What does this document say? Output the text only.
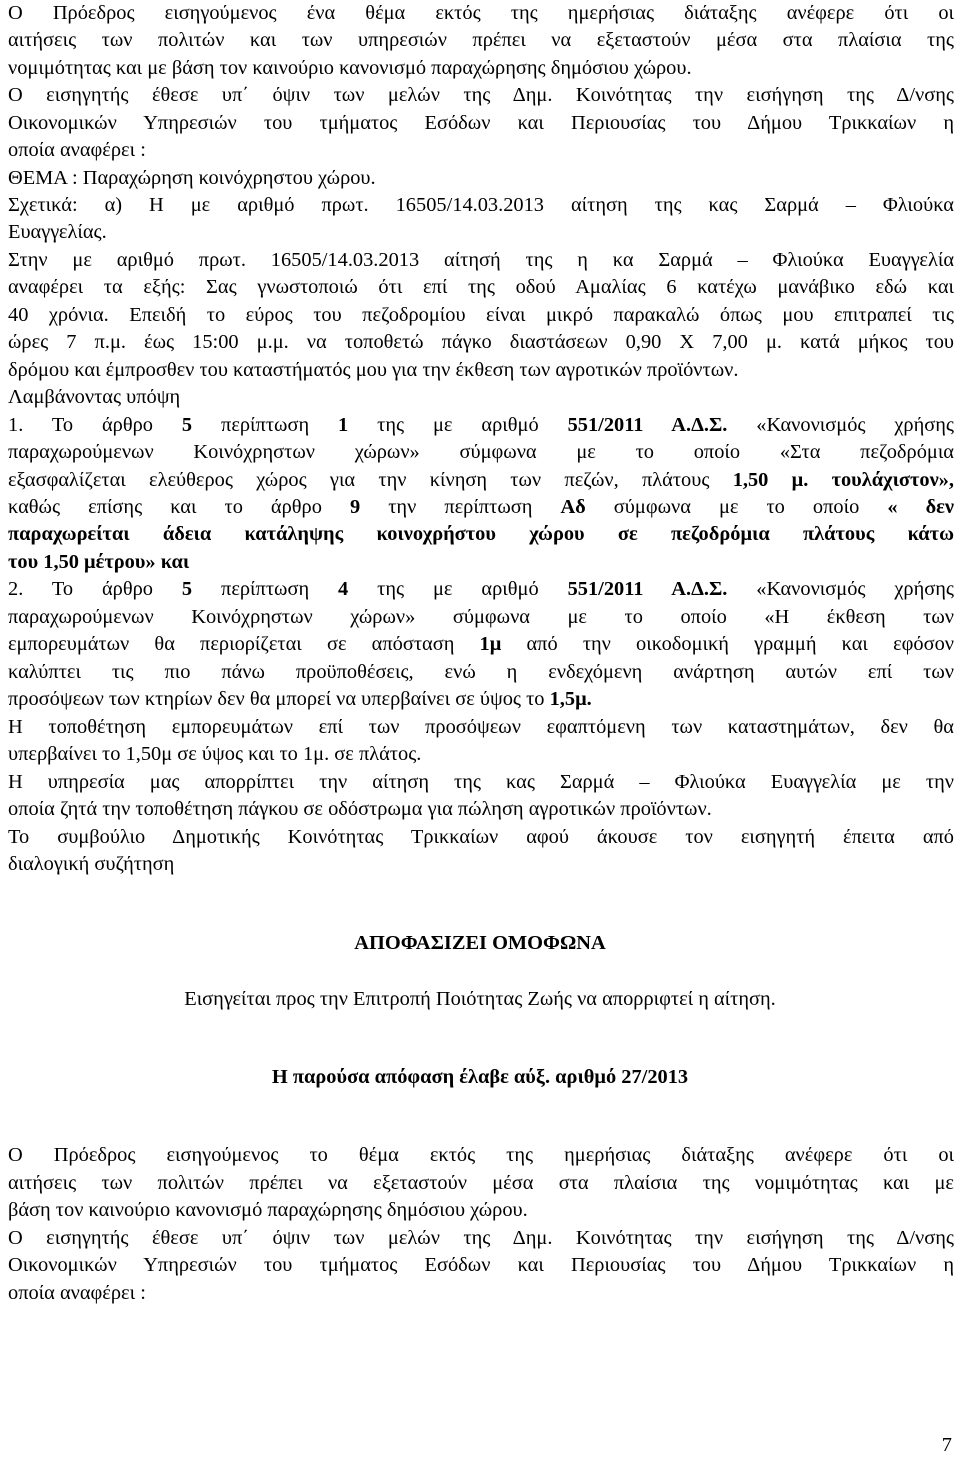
Ο Πρόεδρος εισηγούμενος ένα θέμα εκτός της ημερήσιας διάταξης ανέφερε ότι οι
αιτήσεις των πολιτών και των υπηρεσιών πρέπει να εξεταστούν μέσα στα πλαίσια της
νομιμότητας και με βάση τον καινούριο κανονισμό παραχώρησης δημόσιου χώρου.
Ο εισηγητής έθεσε υπ΄ όψιν των μελών της Δημ. Κοινότητας την εισήγηση της Δ/νσης
Οικονομικών Υπηρεσιών του τμήματος Εσόδων και Περιουσίας του Δήμου Τρικκαίων η
οποία αναφέρει :
ΘΕΜΑ : Παραχώρηση κοινόχρηστου χώρου.
Σχετικά: α) Η με αριθμό πρωτ. 16505/14.03.2013 αίτηση της κας Σαρμά – Φλιούκα
Ευαγγελίας.
Στην με αριθμό πρωτ. 16505/14.03.2013 αίτησή της η κα Σαρμά – Φλιούκα Ευαγγελία
αναφέρει τα εξής: Σας γνωστοποιώ ότι επί της οδού Αμαλίας 6 κατέχω μανάβικο εδώ και
40 χρόνια. Επειδή το εύρος του πεζοδρομίου είναι μικρό παρακαλώ όπως μου επιτραπεί τις
ώρες 7 π.μ. έως 15:00 μ.μ. να τοποθετώ πάγκο διαστάσεων 0,90 Χ 7,00 μ. κατά μήκος του
δρόμου και έμπροσθεν του καταστήματός μου για την έκθεση των αγροτικών προϊόντων.
Λαμβάνοντας υπόψη
1. Το άρθρο 5 περίπτωση 1 της με αριθμό 551/2011 Α.Δ.Σ. «Κανονισμός χρήσης
παραχωρούμενων Κοινόχρηστων χώρων» σύμφωνα με το οποίο «Στα πεζοδρόμια
εξασφαλίζεται ελεύθερος χώρος για την κίνηση των πεζών, πλάτους 1,50 μ. τουλάχιστον»,
καθώς επίσης και το άρθρο 9 την περίπτωση Αδ σύμφωνα με το οποίο « δεν
παραχωρείται άδεια κατάληψης κοινοχρήστου χώρου σε πεζοδρόμια πλάτους κάτω
του 1,50 μέτρου» και
2. Το άρθρο 5 περίπτωση 4 της με αριθμό 551/2011 Α.Δ.Σ. «Κανονισμός χρήσης
παραχωρούμενων Κοινόχρηστων χώρων» σύμφωνα με το οποίο «Η έκθεση των
εμπορευμάτων θα περιορίζεται σε απόσταση 1μ από την οικοδομική γραμμή και εφόσον
καλύπτει τις πιο πάνω προϋποθέσεις, ενώ η ενδεχόμενη ανάρτηση αυτών επί των
προσόψεων των κτηρίων δεν θα μπορεί να υπερβαίνει σε ύψος το 1,5μ.
Η τοποθέτηση εμπορευμάτων επί των προσόψεων εφαπτόμενη των καταστημάτων, δεν θα
υπερβαίνει το 1,50μ σε ύψος και το 1μ. σε πλάτος.
Η υπηρεσία μας απορρίπτει την αίτηση της κας Σαρμά – Φλιούκα Ευαγγελία με την
οποία ζητά την τοποθέτηση πάγκου σε οδόστρωμα για πώληση αγροτικών προϊόντων.
Το συμβούλιο Δημοτικής Κοινότητας Τρικκαίων αφού άκουσε τον εισηγητή έπειτα από
διαλογική συζήτηση
ΑΠΟΦΑΣΙΖΕΙ ΟΜΟΦΩΝΑ
Εισηγείται προς την Επιτροπή Ποιότητας Ζωής να απορριφτεί η αίτηση.
Η παρούσα απόφαση έλαβε αύξ. αριθμό 27/2013
Ο Πρόεδρος εισηγούμενος το θέμα εκτός της ημερήσιας διάταξης ανέφερε ότι οι
αιτήσεις των πολιτών πρέπει να εξεταστούν μέσα στα πλαίσια της νομιμότητας και με
βάση τον καινούριο κανονισμό παραχώρησης δημόσιου χώρου.
Ο εισηγητής έθεσε υπ΄ όψιν των μελών της Δημ. Κοινότητας την εισήγηση της Δ/νσης
Οικονομικών Υπηρεσιών του τμήματος Εσόδων και Περιουσίας του Δήμου Τρικκαίων η
οποία αναφέρει :
7
